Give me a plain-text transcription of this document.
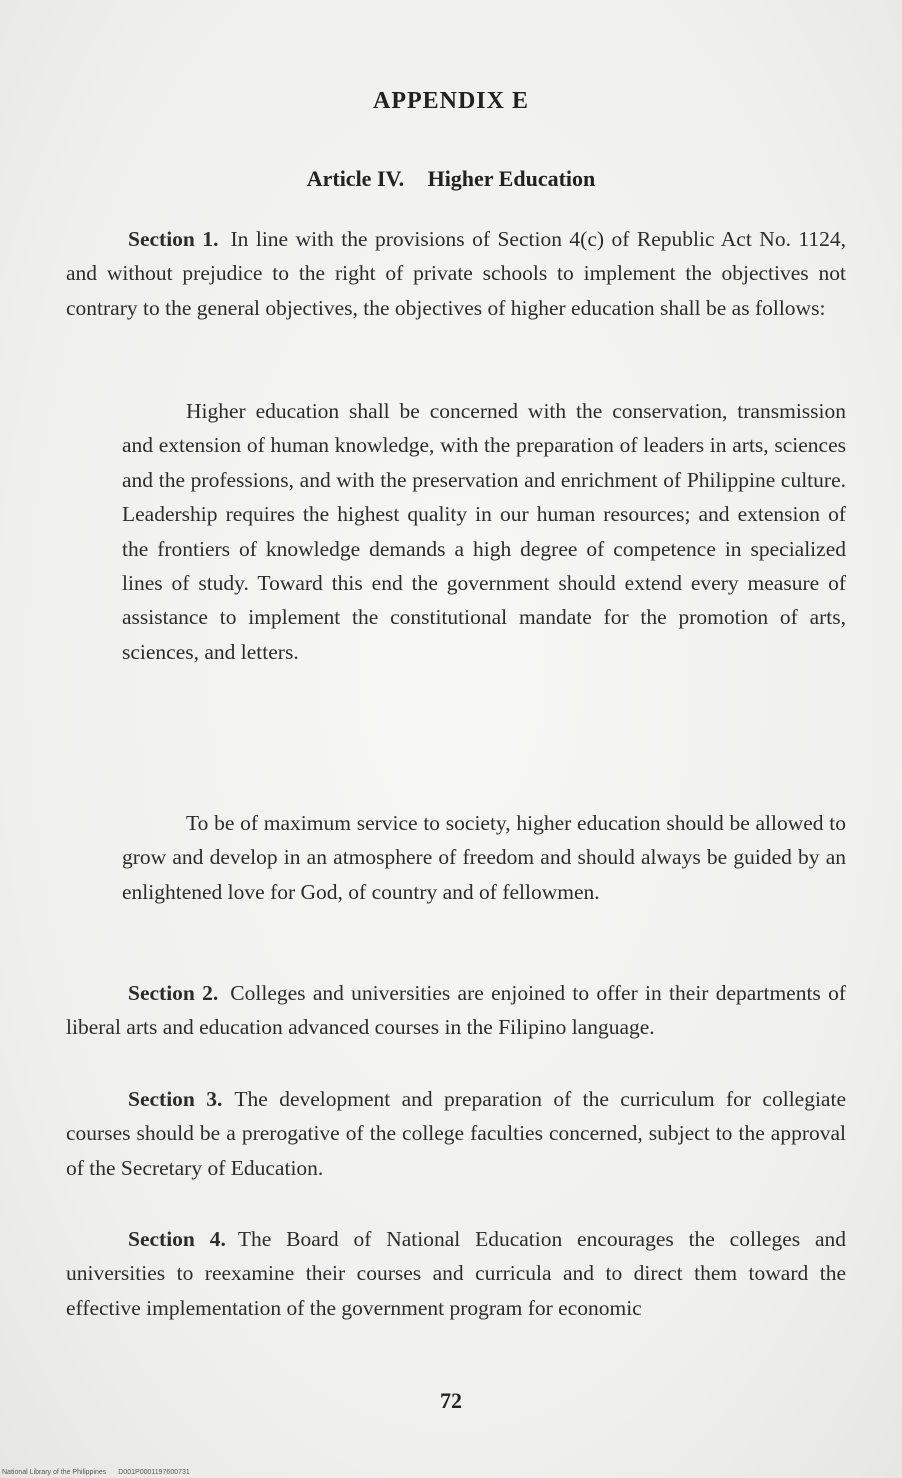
APPENDIX E
Article IV. Higher Education

Section 1. In line with the provisions of Section 4(c) of Republic Act No. 1124, and without prejudice to the right of private schools to implement the objectives not contrary to the general objectives, the objectives of higher education shall be as follows:

Higher education shall be concerned with the conservation, transmission and extension of human knowledge, with the preparation of leaders in arts, sciences and the professions, and with the preservation and enrichment of Philippine culture. Leadership requires the highest quality in our human resources; and extension of the frontiers of knowledge demands a high degree of competence in specialized lines of study. Toward this end the government should extend every measure of assistance to implement the constitutional mandate for the promotion of arts, sciences, and letters.

To be of maximum service to society, higher education should be allowed to grow and develop in an atmosphere of freedom and should always be guided by an enlightened love for God, of country and of fellowmen.

Section 2. Colleges and universities are enjoined to offer in their departments of liberal arts and education advanced courses in the Filipino language.

Section 3. The development and preparation of the curriculum for collegiate courses should be a prerogative of the college faculties concerned, subject to the approval of the Secretary of Education.

Section 4. The Board of National Education encourages the colleges and universities to reexamine their courses and curricula and to direct them toward the effective implementation of the government program for economic

72
National Library of the Philippines D001P0001197600731
